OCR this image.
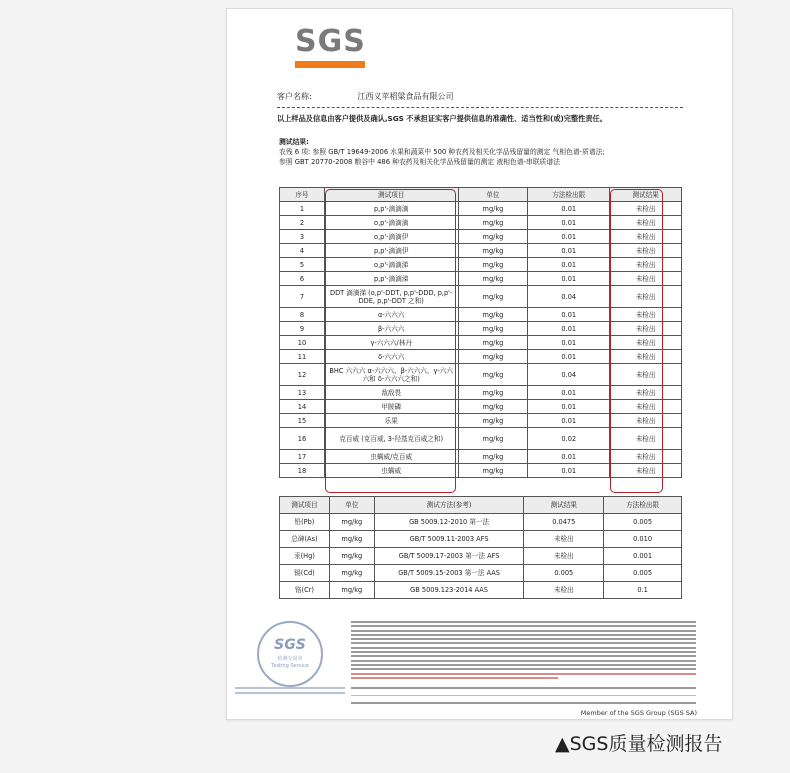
SGS
客户名称:	江西义苹稻粱食品有限公司
以上样品及信息由客户提供及确认,SGS 不承担证实客户提供信息的准确性、适当性和(或)完整性责任。
测试结果:
农残 6 项: 参照 GB/T 19649-2006 水果和蔬菜中 500 种农药及相关化学品残留量的测定 气相色谱-质谱法;
参照 GBT 20770-2008 粮谷中 486 种农药及相关化学品残留量的测定 液相色谱-串联质谱法
序号	测试项目	单位	方法检出限	测试结果
1	p,p'-滴滴滴	mg/kg	0.01	未检出
2	o,p'-滴滴滴	mg/kg	0.01	未检出
3	o,p'-滴滴伊	mg/kg	0.01	未检出
4	p,p'-滴滴伊	mg/kg	0.01	未检出
5	o,p'-滴滴涕	mg/kg	0.01	未检出
6	p,p'-滴滴涕	mg/kg	0.01	未检出
7	DDT 滴滴涕 (o,p'-DDT, p,p'-DDD, p,p'-DDE, p,p'-DDT 之和)	mg/kg	0.04	未检出
8	α-六六六	mg/kg	0.01	未检出
9	β-六六六	mg/kg	0.01	未检出
10	γ-六六六/林丹	mg/kg	0.01	未检出
11	δ-六六六	mg/kg	0.01	未检出
12	BHC 六六六 α-六六六、β-六六六、γ-六六六和 δ-六六六之和)	mg/kg	0.04	未检出
13	敌敌畏	mg/kg	0.01	未检出
14	甲胺磷	mg/kg	0.01	未检出
15	乐果	mg/kg	0.01	未检出
16	克百威 (克百威, 3-羟基克百威之和)	mg/kg	0.02	未检出
17	虫螨威/克百威	mg/kg	0.01	未检出
18	虫螨威	mg/kg	0.01	未检出
测试项目	单位	测试方法(参考)	测试结果	方法检出限
铅(Pb)	mg/kg	GB 5009.12-2010 第一法	0.0475	0.005
总砷(As)	mg/kg	GB/T 5009.11-2003 AFS	未检出	0.010
汞(Hg)	mg/kg	GB/T 5009.17-2003 第一法 AFS	未检出	0.001
镉(Cd)	mg/kg	GB/T 5009.15-2003 第一法 AAS	0.005	0.005
铬(Cr)	mg/kg	GB 5009.123-2014 AAS	未检出	0.1
SGS
检测专用章
Testing Service
Member of the SGS Group (SGS SA)
▲SGS质量检测报告
